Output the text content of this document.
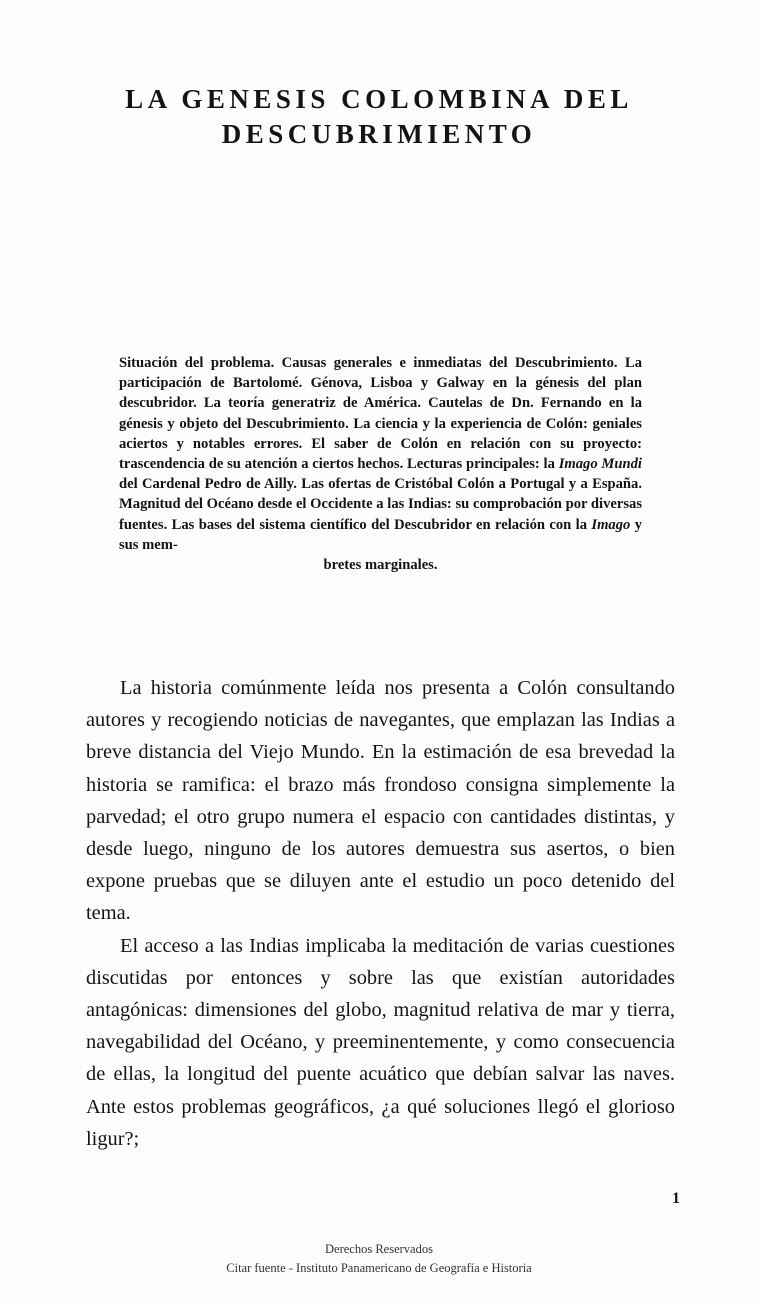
LA GENESIS COLOMBINA DEL
DESCUBRIMIENTO
Situación del problema. Causas generales e inmediatas del Descubrimiento. La participación de Bartolomé. Génova, Lisboa y Galway en la génesis del plan descubridor. La teoría generatriz de América. Cautelas de Dn. Fernando en la génesis y objeto del Descubrimiento. La ciencia y la experiencia de Colón: geniales aciertos y notables errores. El saber de Colón en relación con su proyecto: trascendencia de su atención a ciertos hechos. Lecturas principales: la Imago Mundi del Cardenal Pedro de Ailly. Las ofertas de Cristóbal Colón a Portugal y a España. Magnitud del Océano desde el Occidente a las Indias: su comprobación por diversas fuentes. Las bases del sistema científico del Descubridor en relación con la Imago y sus mem-
bretes marginales.

La historia comúnmente leída nos presenta a Colón consultando autores y recogiendo noticias de navegantes, que emplazan las Indias a breve distancia del Viejo Mundo. En la estimación de esa brevedad la historia se ramifica: el brazo más frondoso consigna simplemente la parvedad; el otro grupo numera el espacio con cantidades distintas, y desde luego, ninguno de los autores demuestra sus asertos, o bien expone pruebas que se diluyen ante el estudio un poco detenido del tema.

El acceso a las Indias implicaba la meditación de varias cuestiones discutidas por entonces y sobre las que existían autoridades antagónicas: dimensiones del globo, magnitud relativa de mar y tierra, navegabilidad del Océano, y preeminentemente, y como consecuencia de ellas, la longitud del puente acuático que debían salvar las naves. Ante estos problemas geográficos, ¿a qué soluciones llegó el glorioso ligur?;

1
Derechos Reservados
Citar fuente - Instituto Panamericano de Geografía e Historia
